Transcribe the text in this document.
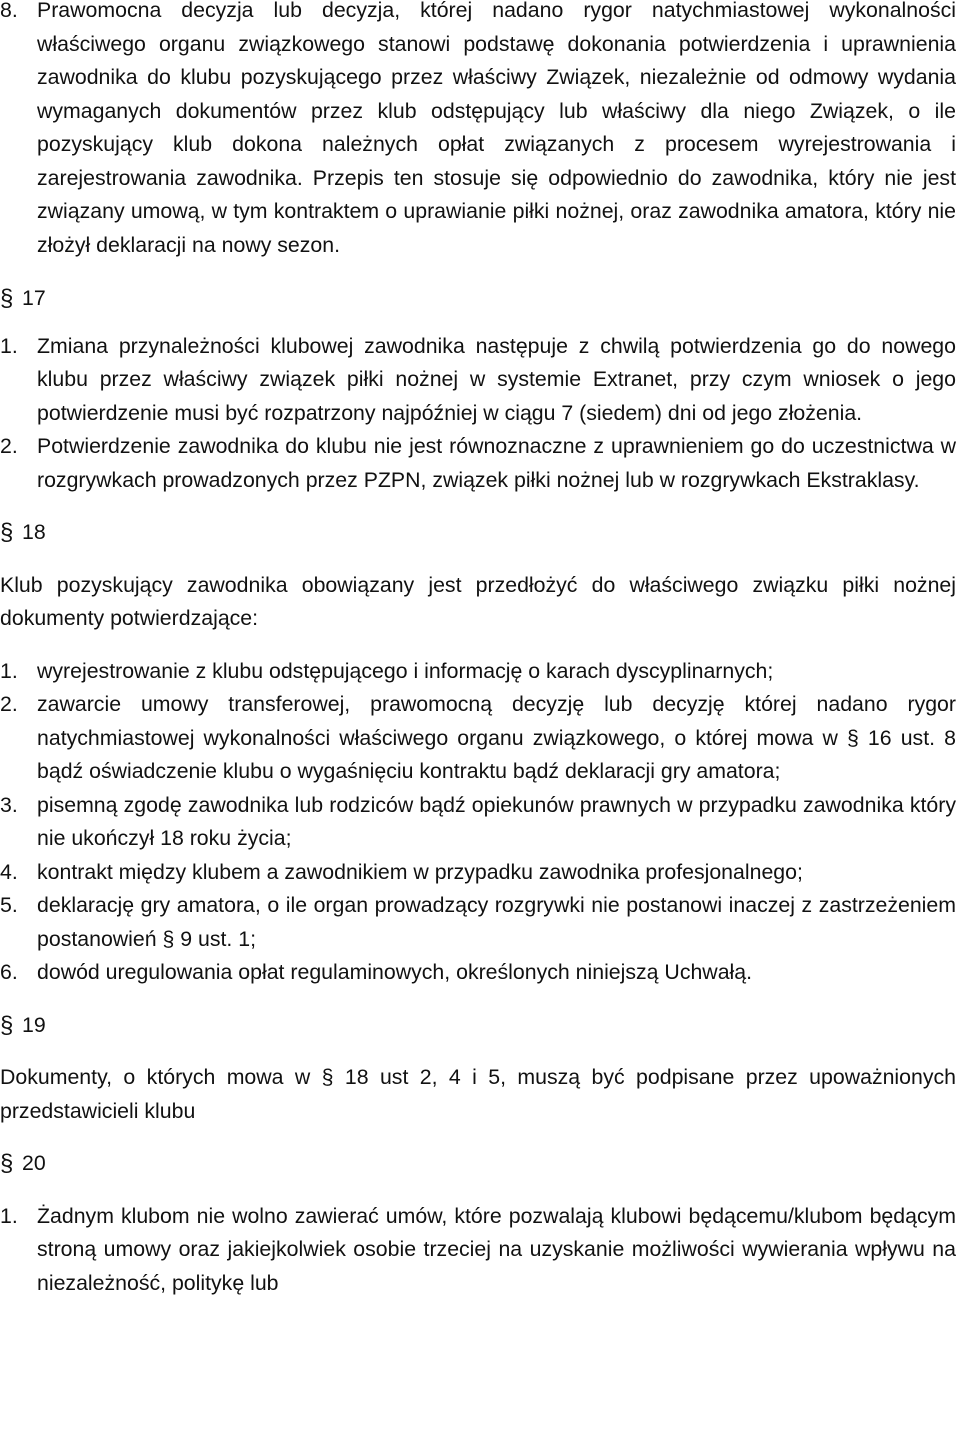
8. Prawomocna decyzja lub decyzja, której nadano rygor natychmiastowej wykonalności właściwego organu związkowego stanowi podstawę dokonania potwierdzenia i uprawnienia zawodnika do klubu pozyskującego przez właściwy Związek, niezależnie od odmowy wydania wymaganych dokumentów przez klub odstępujący lub właściwy dla niego Związek, o ile pozyskujący klub dokona należnych opłat związanych z procesem wyrejestrowania i zarejestrowania zawodnika. Przepis ten stosuje się odpowiednio do zawodnika, który nie jest związany umową, w tym kontraktem o uprawianie piłki nożnej, oraz zawodnika amatora, który nie złożył deklaracji na nowy sezon.
§ 17
1. Zmiana przynależności klubowej zawodnika następuje z chwilą potwierdzenia go do nowego klubu przez właściwy związek piłki nożnej w systemie Extranet, przy czym wniosek o jego potwierdzenie musi być rozpatrzony najpóźniej w ciągu 7 (siedem) dni od jego złożenia.
2. Potwierdzenie zawodnika do klubu nie jest równoznaczne z uprawnieniem go do uczestnictwa w rozgrywkach prowadzonych przez PZPN, związek piłki nożnej lub w rozgrywkach Ekstraklasy.
§ 18
Klub pozyskujący zawodnika obowiązany jest przedłożyć do właściwego związku piłki nożnej dokumenty potwierdzające:
1. wyrejestrowanie z klubu odstępującego i informację o karach dyscyplinarnych;
2. zawarcie umowy transferowej, prawomocną decyzję lub decyzję której nadano rygor natychmiastowej wykonalności właściwego organu związkowego, o której mowa w § 16 ust. 8 bądź oświadczenie klubu o wygaśnięciu kontraktu bądź deklaracji gry amatora;
3. pisemną zgodę zawodnika lub rodziców bądź opiekunów prawnych w przypadku zawodnika który nie ukończył 18 roku życia;
4. kontrakt między klubem a zawodnikiem w przypadku zawodnika profesjonalnego;
5. deklarację gry amatora, o ile organ prowadzący rozgrywki nie postanowi inaczej z zastrzeżeniem postanowień § 9 ust. 1;
6. dowód uregulowania opłat regulaminowych, określonych niniejszą Uchwałą.
§ 19
Dokumenty, o których mowa w § 18 ust 2, 4 i 5, muszą być podpisane przez upoważnionych przedstawicieli klubu
§ 20
1. Żadnym klubom nie wolno zawierać umów, które pozwalają klubowi będącemu/klubom będącym stroną umowy oraz jakiejkolwiek osobie trzeciej na uzyskanie możliwości wywierania wpływu na niezależność, politykę lub
